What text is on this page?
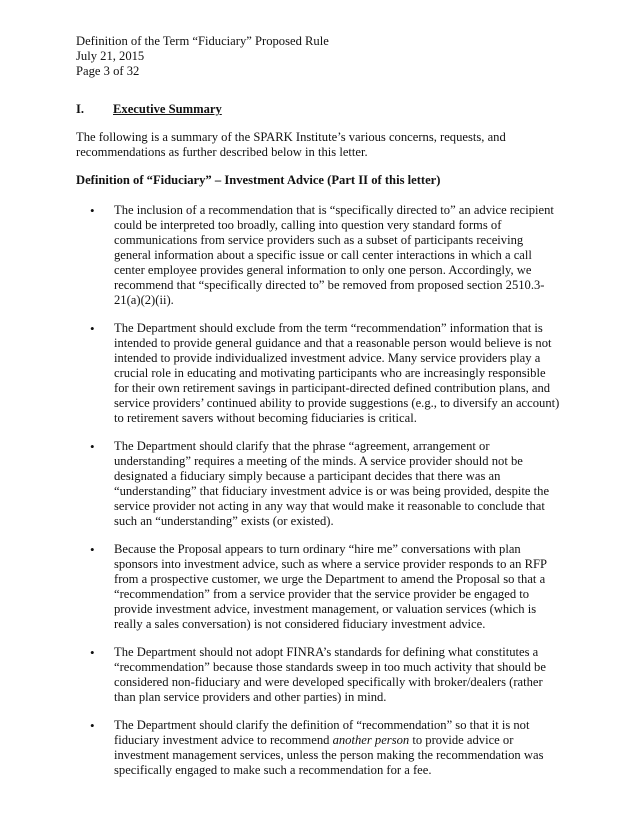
Definition of the Term “Fiduciary” Proposed Rule
July 21, 2015
Page 3 of 32
I.	Executive Summary

The following is a summary of the SPARK Institute’s various concerns, requests, and recommendations as further described below in this letter.

Definition of “Fiduciary” – Investment Advice (Part II of this letter)

• The inclusion of a recommendation that is “specifically directed to” an advice recipient could be interpreted too broadly, calling into question very standard forms of communications from service providers such as a subset of participants receiving general information about a specific issue or call center interactions in which a call center employee provides general information to only one person. Accordingly, we recommend that “specifically directed to” be removed from proposed section 2510.3-21(a)(2)(ii).
• The Department should exclude from the term “recommendation” information that is intended to provide general guidance and that a reasonable person would believe is not intended to provide individualized investment advice. Many service providers play a crucial role in educating and motivating participants who are increasingly responsible for their own retirement savings in participant-directed defined contribution plans, and service providers’ continued ability to provide suggestions (e.g., to diversify an account) to retirement savers without becoming fiduciaries is critical.
• The Department should clarify that the phrase “agreement, arrangement or understanding” requires a meeting of the minds. A service provider should not be designated a fiduciary simply because a participant decides that there was an “understanding” that fiduciary investment advice is or was being provided, despite the service provider not acting in any way that would make it reasonable to conclude that such an “understanding” exists (or existed).
• Because the Proposal appears to turn ordinary “hire me” conversations with plan sponsors into investment advice, such as where a service provider responds to an RFP from a prospective customer, we urge the Department to amend the Proposal so that a “recommendation” from a service provider that the service provider be engaged to provide investment advice, investment management, or valuation services (which is really a sales conversation) is not considered fiduciary investment advice.
• The Department should not adopt FINRA’s standards for defining what constitutes a “recommendation” because those standards sweep in too much activity that should be considered non-fiduciary and were developed specifically with broker/dealers (rather than plan service providers and other parties) in mind.
• The Department should clarify the definition of “recommendation” so that it is not fiduciary investment advice to recommend another person to provide advice or investment management services, unless the person making the recommendation was specifically engaged to make such a recommendation for a fee.
